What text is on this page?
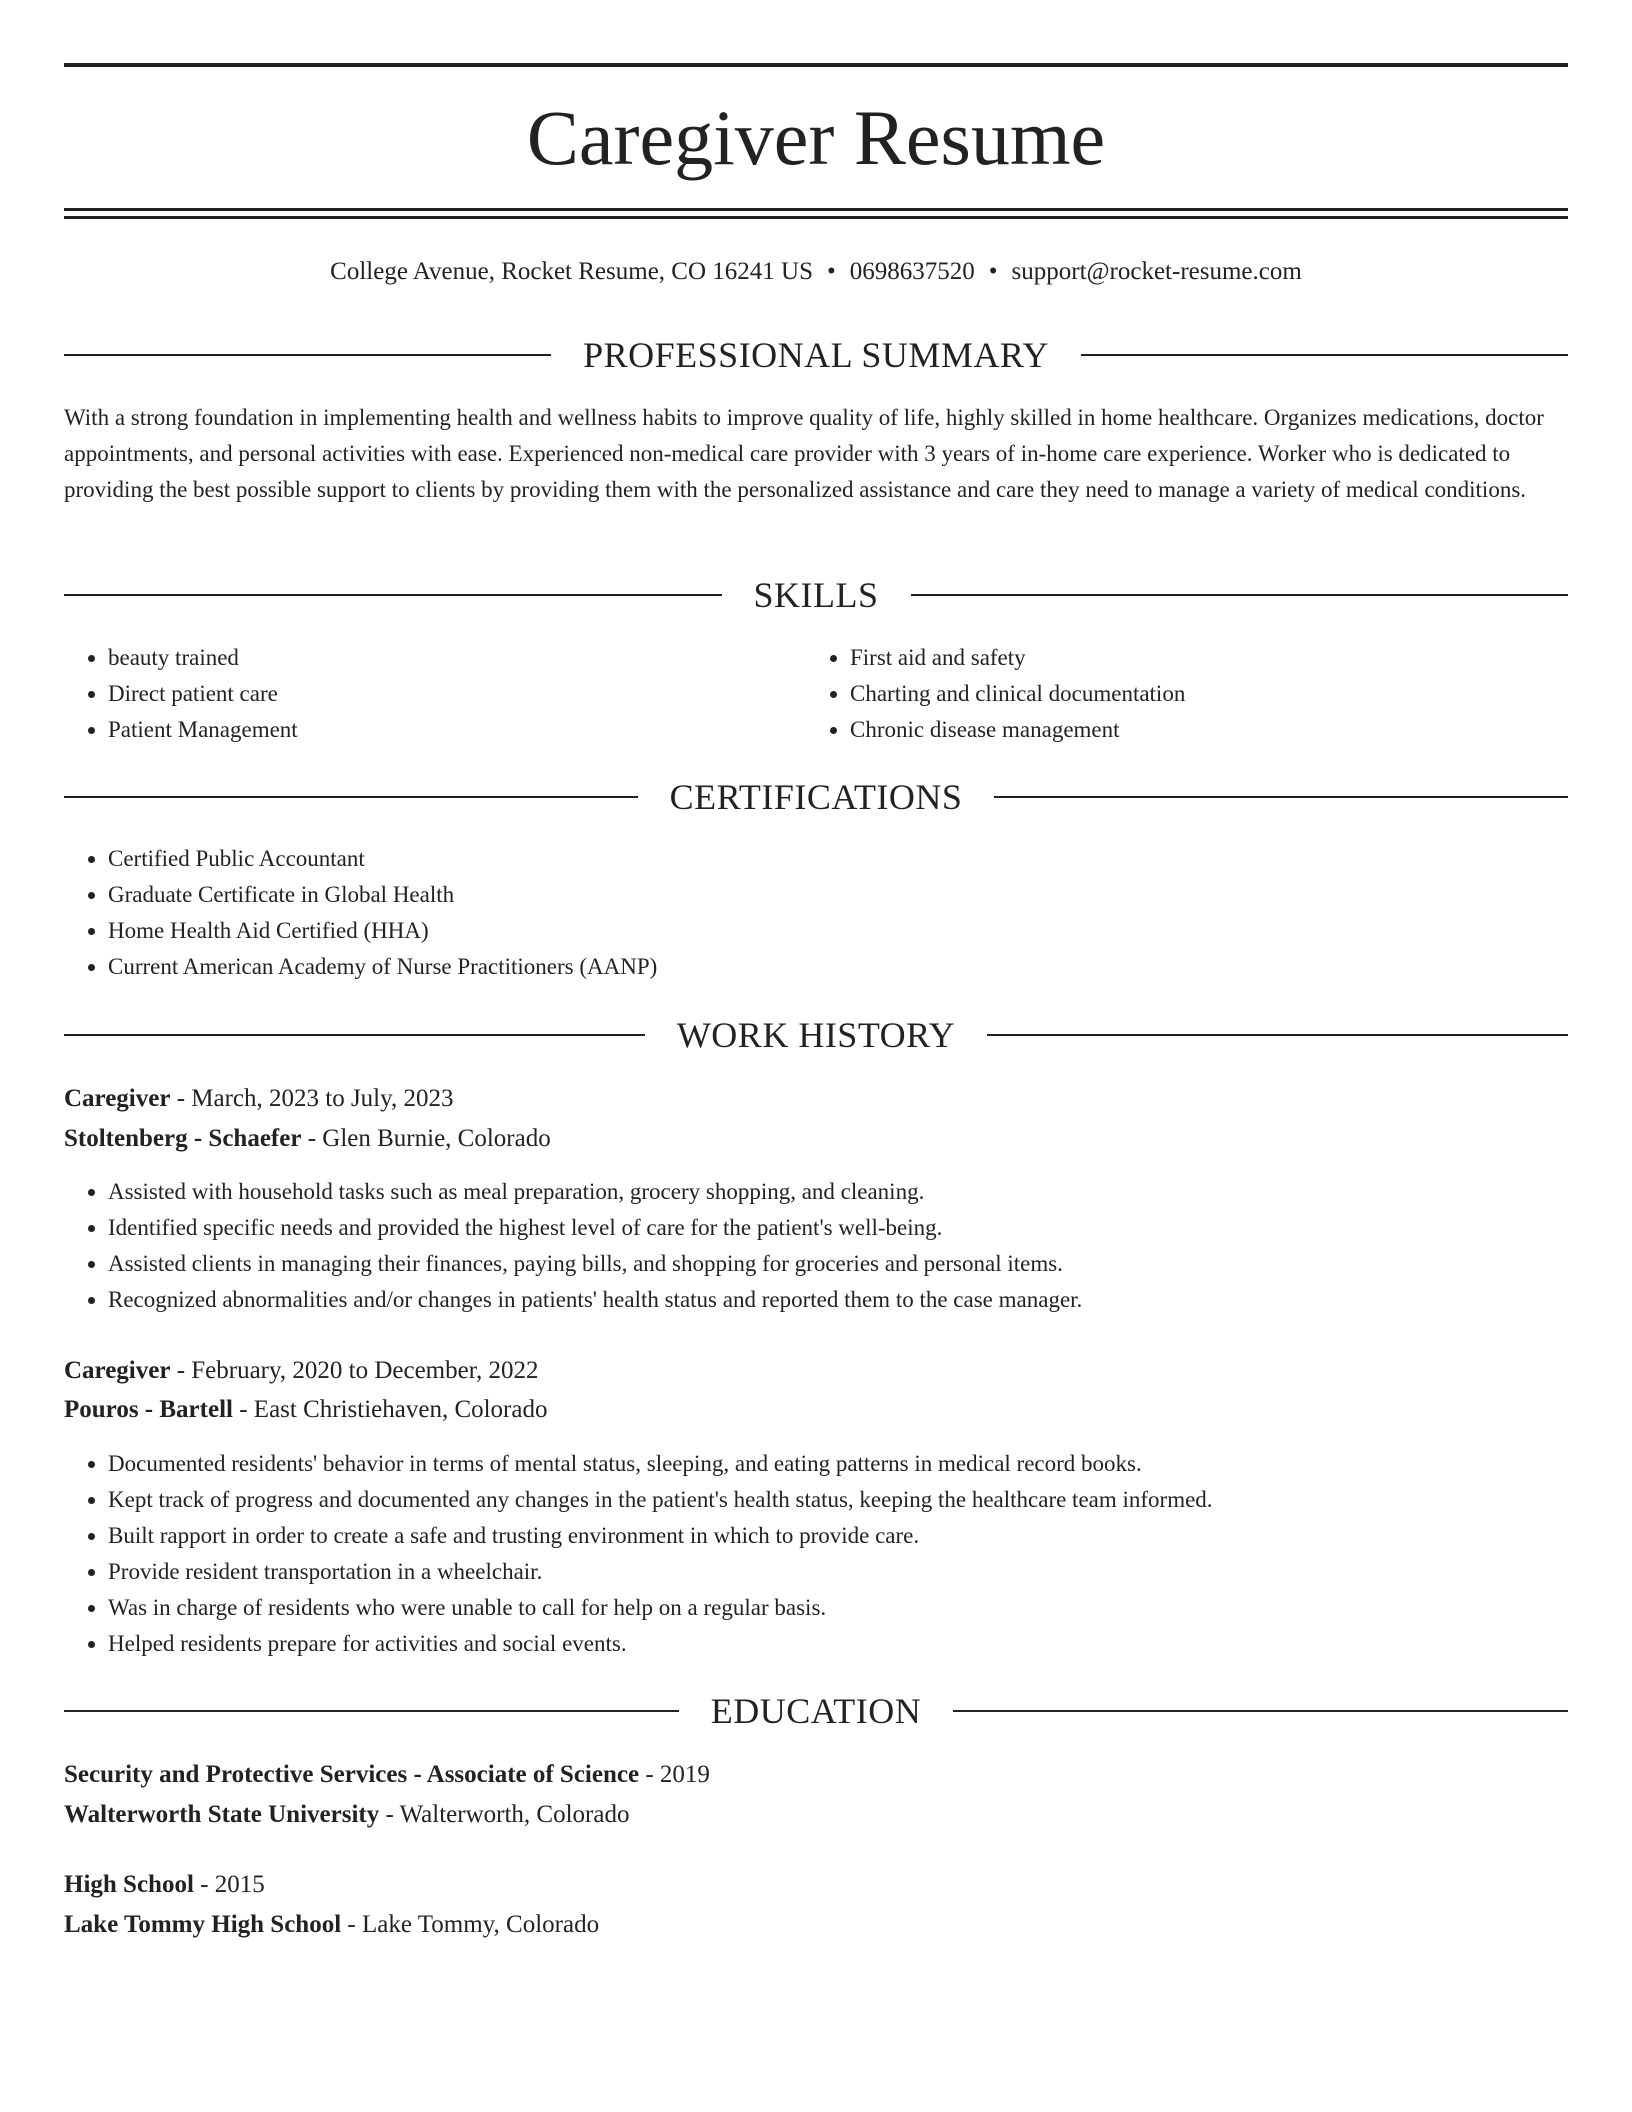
Caregiver Resume
College Avenue, Rocket Resume, CO 16241 US • 0698637520 • support@rocket-resume.com
PROFESSIONAL SUMMARY

With a strong foundation in implementing health and wellness habits to improve quality of life, highly skilled in home healthcare. Organizes medications, doctor appointments, and personal activities with ease. Experienced non-medical care provider with 3 years of in-home care experience. Worker who is dedicated to providing the best possible support to clients by providing them with the personalized assistance and care they need to manage a variety of medical conditions.

SKILLS
• beauty trained
• Direct patient care
• Patient Management
• First aid and safety
• Charting and clinical documentation
• Chronic disease management
CERTIFICATIONS
• Certified Public Accountant
• Graduate Certificate in Global Health
• Home Health Aid Certified (HHA)
• Current American Academy of Nurse Practitioners (AANP)
WORK HISTORY
Caregiver - March, 2023 to July, 2023
Stoltenberg - Schaefer - Glen Burnie, Colorado
• Assisted with household tasks such as meal preparation, grocery shopping, and cleaning.
• Identified specific needs and provided the highest level of care for the patient's well-being.
• Assisted clients in managing their finances, paying bills, and shopping for groceries and personal items.
• Recognized abnormalities and/or changes in patients' health status and reported them to the case manager.
Caregiver - February, 2020 to December, 2022
Pouros - Bartell - East Christiehaven, Colorado
• Documented residents' behavior in terms of mental status, sleeping, and eating patterns in medical record books.
• Kept track of progress and documented any changes in the patient's health status, keeping the healthcare team informed.
• Built rapport in order to create a safe and trusting environment in which to provide care.
• Provide resident transportation in a wheelchair.
• Was in charge of residents who were unable to call for help on a regular basis.
• Helped residents prepare for activities and social events.
EDUCATION
Security and Protective Services - Associate of Science - 2019
Walterworth State University - Walterworth, Colorado
High School - 2015
Lake Tommy High School - Lake Tommy, Colorado
